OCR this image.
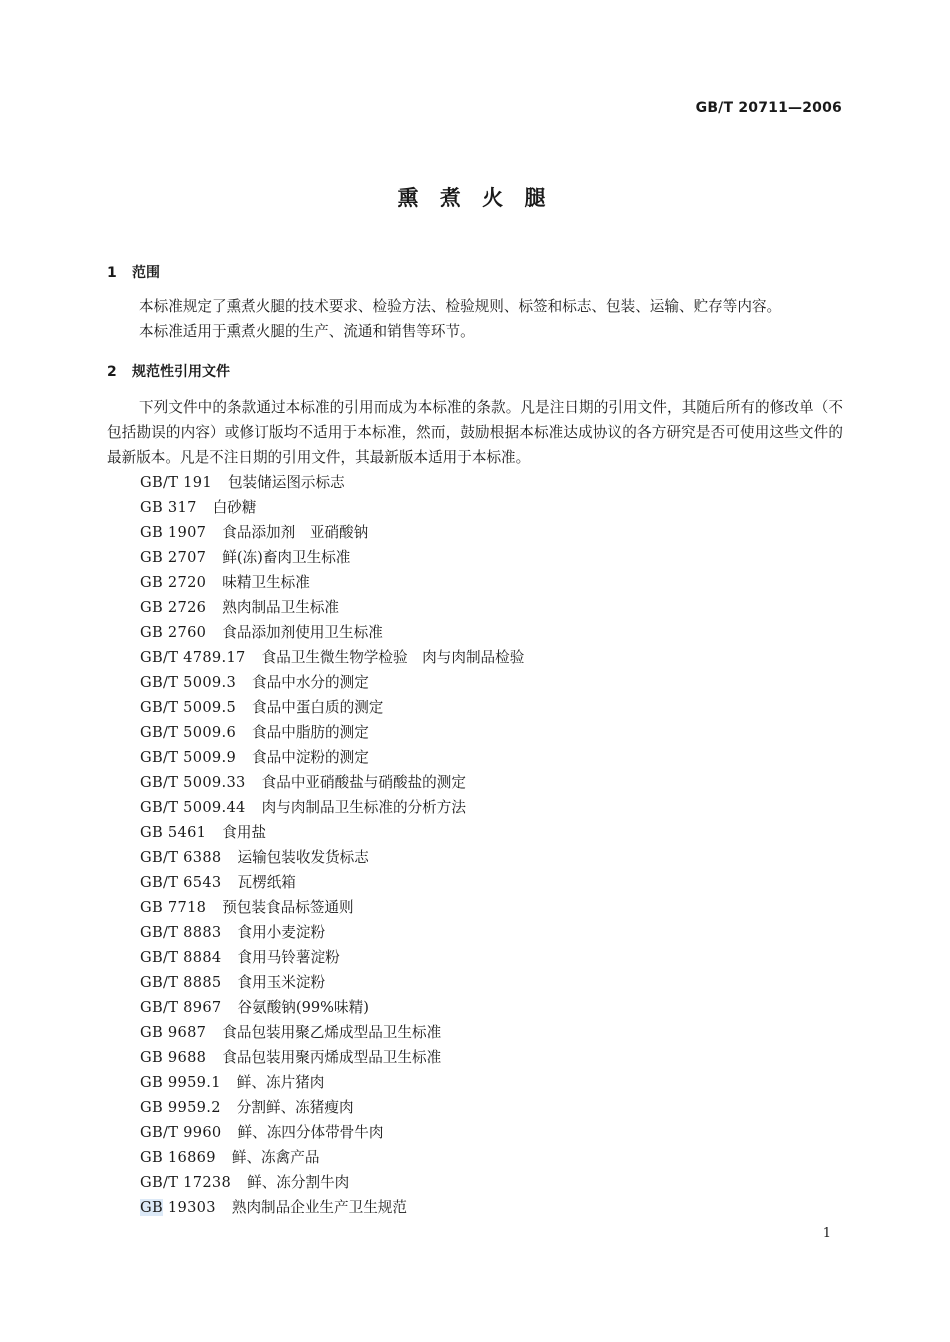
GB/T 20711—2006
熏 煮 火 腿
1 范围
本标准规定了熏煮火腿的技术要求、检验方法、检验规则、标签和标志、包装、运输、贮存等内容。
本标准适用于熏煮火腿的生产、流通和销售等环节。
2 规范性引用文件
下列文件中的条款通过本标准的引用而成为本标准的条款。凡是注日期的引用文件，其随后所有的修改单（不包括勘误的内容）或修订版均不适用于本标准，然而，鼓励根据本标准达成协议的各方研究是否可使用这些文件的最新版本。凡是不注日期的引用文件，其最新版本适用于本标准。
GB/T 191 包装储运图示标志
GB 317 白砂糖
GB 1907 食品添加剂　亚硝酸钠
GB 2707 鲜(冻)畜肉卫生标准
GB 2720 味精卫生标准
GB 2726 熟肉制品卫生标准
GB 2760 食品添加剂使用卫生标准
GB/T 4789.17 食品卫生微生物学检验　肉与肉制品检验
GB/T 5009.3 食品中水分的测定
GB/T 5009.5 食品中蛋白质的测定
GB/T 5009.6 食品中脂肪的测定
GB/T 5009.9 食品中淀粉的测定
GB/T 5009.33 食品中亚硝酸盐与硝酸盐的测定
GB/T 5009.44 肉与肉制品卫生标准的分析方法
GB 5461 食用盐
GB/T 6388 运输包装收发货标志
GB/T 6543 瓦楞纸箱
GB 7718 预包装食品标签通则
GB/T 8883 食用小麦淀粉
GB/T 8884 食用马铃薯淀粉
GB/T 8885 食用玉米淀粉
GB/T 8967 谷氨酸钠(99%味精)
GB 9687 食品包装用聚乙烯成型品卫生标准
GB 9688 食品包装用聚丙烯成型品卫生标准
GB 9959.1 鲜、冻片猪肉
GB 9959.2 分割鲜、冻猪瘦肉
GB/T 9960 鲜、冻四分体带骨牛肉
GB 16869 鲜、冻禽产品
GB/T 17238 鲜、冻分割牛肉
GB 19303 熟肉制品企业生产卫生规范
1
